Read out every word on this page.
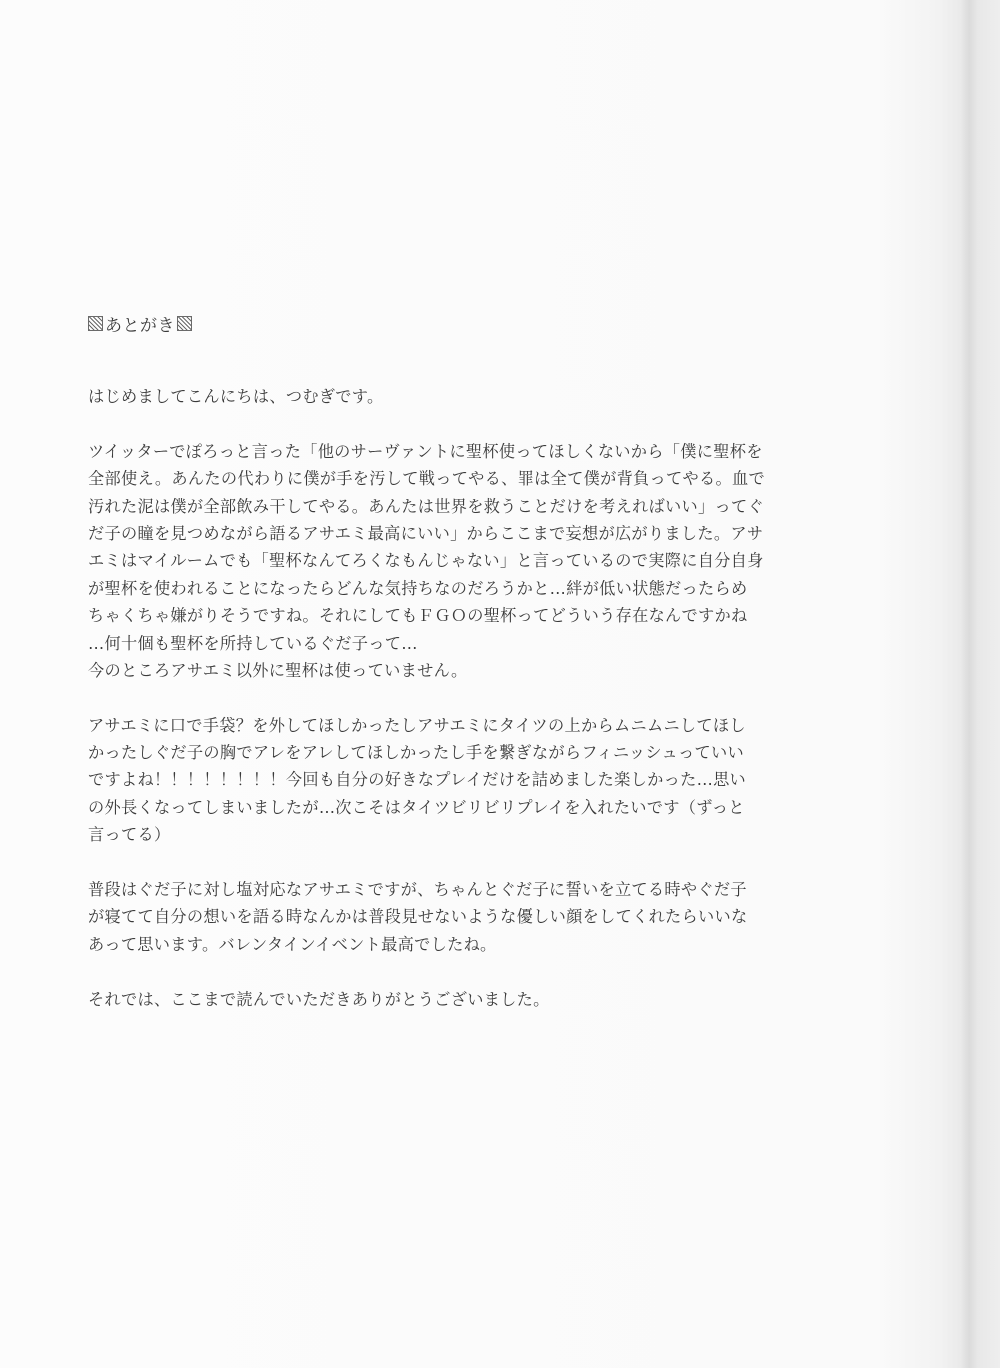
あとがき
はじめましてこんにちは、つむぎです。
ツイッターでぽろっと言った「他のサーヴァントに聖杯使ってほしくないから「僕に聖杯を
全部使え。あんたの代わりに僕が手を汚して戦ってやる、罪は全て僕が背負ってやる。血で
汚れた泥は僕が全部飲み干してやる。あんたは世界を救うことだけを考えればいい」ってぐ
だ子の瞳を見つめながら語るアサエミ最高にいい」からここまで妄想が広がりました。アサ
エミはマイルームでも「聖杯なんてろくなもんじゃない」と言っているので実際に自分自身
が聖杯を使われることになったらどんな気持ちなのだろうかと…絆が低い状態だったらめ
ちゃくちゃ嫌がりそうですね。それにしてもＦＧＯの聖杯ってどういう存在なんですかね
…何十個も聖杯を所持しているぐだ子って…
今のところアサエミ以外に聖杯は使っていません。
アサエミに口で手袋？を外してほしかったしアサエミにタイツの上からムニムニしてほし
かったしぐだ子の胸でアレをアレしてほしかったし手を繋ぎながらフィニッシュっていい
ですよね！！！！！！！！今回も自分の好きなプレイだけを詰めました楽しかった…思い
の外長くなってしまいましたが…次こそはタイツビリビリプレイを入れたいです（ずっと
言ってる）
普段はぐだ子に対し塩対応なアサエミですが、ちゃんとぐだ子に誓いを立てる時やぐだ子
が寝てて自分の想いを語る時なんかは普段見せないような優しい顔をしてくれたらいいな
あって思います。バレンタインイベント最高でしたね。
それでは、ここまで読んでいただきありがとうございました。
